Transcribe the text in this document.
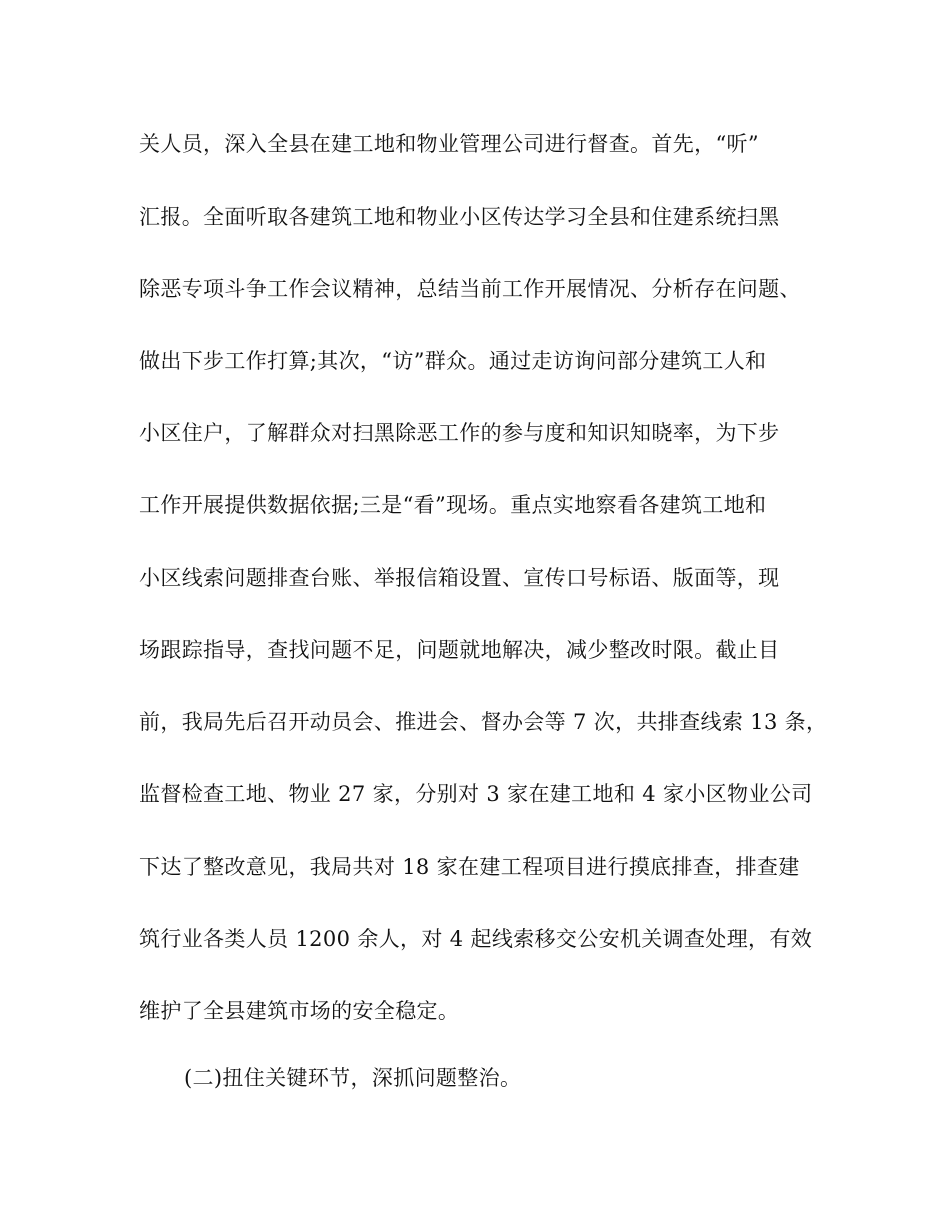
关人员，深入全县在建工地和物业管理公司进行督查。首先，“听”
汇报。全面听取各建筑工地和物业小区传达学习全县和住建系统扫黑
除恶专项斗争工作会议精神，总结当前工作开展情况、分析存在问题、
做出下步工作打算;其次，“访”群众。通过走访询问部分建筑工人和
小区住户，了解群众对扫黑除恶工作的参与度和知识知晓率，为下步
工作开展提供数据依据;三是“看”现场。重点实地察看各建筑工地和
小区线索问题排查台账、举报信箱设置、宣传口号标语、版面等，现
场跟踪指导，查找问题不足，问题就地解决，减少整改时限。截止目
前，我局先后召开动员会、推进会、督办会等 7 次，共排查线索 13 条，
监督检查工地、物业 27 家，分别对 3 家在建工地和 4 家小区物业公司
下达了整改意见，我局共对 18 家在建工程项目进行摸底排查，排查建
筑行业各类人员 1200 余人，对 4 起线索移交公安机关调查处理，有效
维护了全县建筑市场的安全稳定。
(二)扭住关键环节，深抓问题整治。
